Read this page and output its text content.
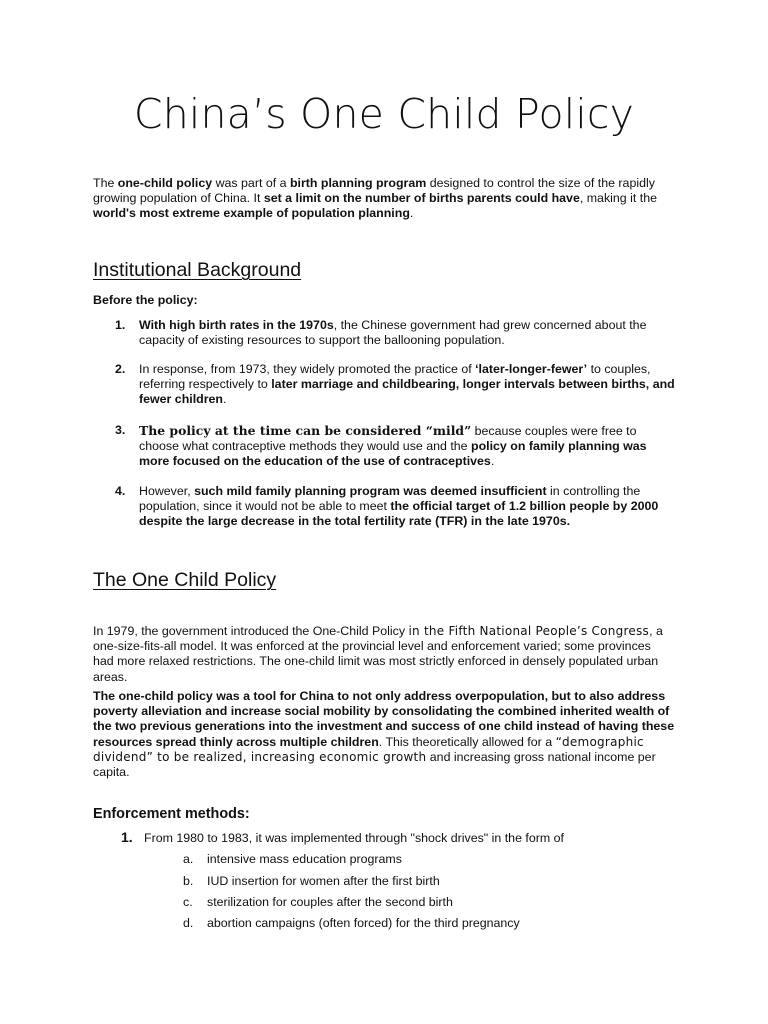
China’s One Child Policy

The one-child policy was part of a birth planning program designed to control the size of the rapidly growing population of China. It set a limit on the number of births parents could have, making it the world's most extreme example of population planning.

Institutional Background
Before the policy:
1. With high birth rates in the 1970s, the Chinese government had grew concerned about the capacity of existing resources to support the ballooning population.
2. In response, from 1973, they widely promoted the practice of ‘later-longer-fewer’ to couples, referring respectively to later marriage and childbearing, longer intervals between births, and fewer children.
3. The policy at the time can be considered “mild” because couples were free to choose what contraceptive methods they would use and the policy on family planning was more focused on the education of the use of contraceptives.
4. However, such mild family planning program was deemed insufficient in controlling the population, since it would not be able to meet the official target of 1.2 billion people by 2000 despite the large decrease in the total fertility rate (TFR) in the late 1970s.
The One Child Policy

In 1979, the government introduced the One-Child Policy in the Fifth National People’s Congress, a one-size-fits-all model. It was enforced at the provincial level and enforcement varied; some provinces had more relaxed restrictions. The one-child limit was most strictly enforced in densely populated urban areas.

The one-child policy was a tool for China to not only address overpopulation, but to also address poverty alleviation and increase social mobility by consolidating the combined inherited wealth of the two previous generations into the investment and success of one child instead of having these resources spread thinly across multiple children. This theoretically allowed for a “demographic dividend” to be realized, increasing economic growth and increasing gross national income per capita.

Enforcement methods:
1. From 1980 to 1983, it was implemented through "shock drives" in the form of
a. intensive mass education programs
b. IUD insertion for women after the first birth
c. sterilization for couples after the second birth
d. abortion campaigns (often forced) for the third pregnancy
